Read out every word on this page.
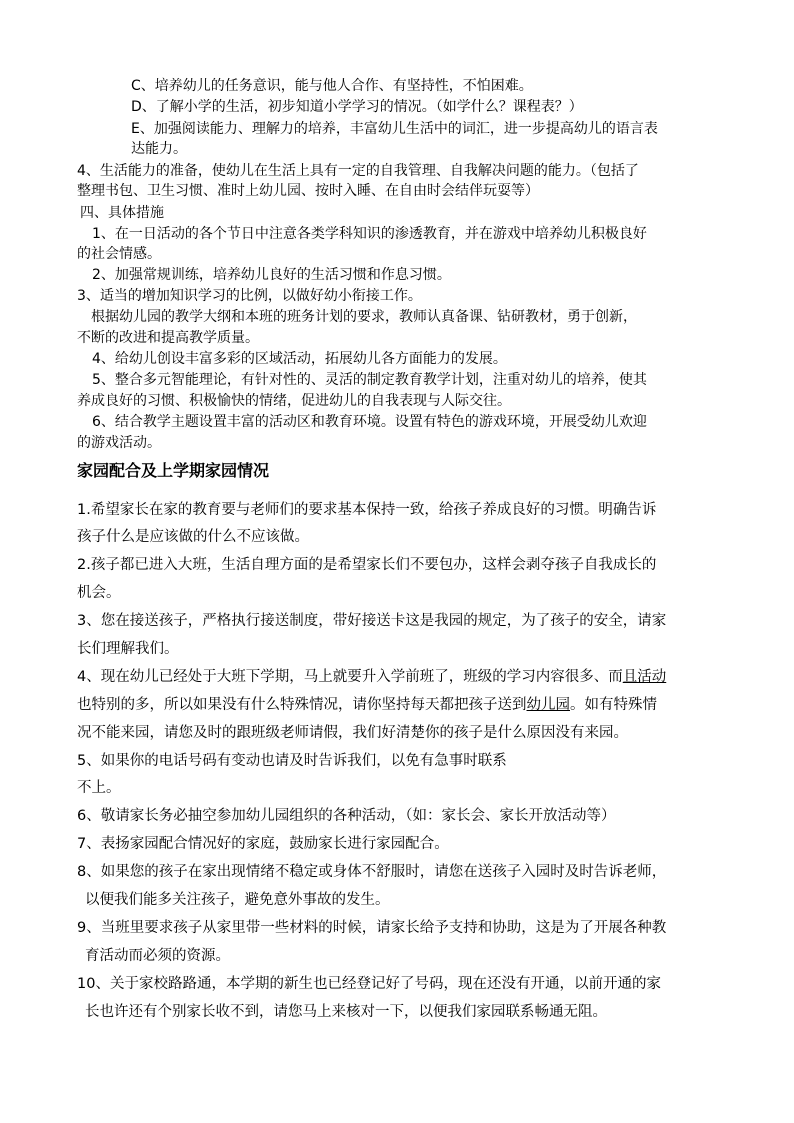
C、培养幼儿的任务意识，能与他人合作、有坚持性，不怕困难。
D、了解小学的生活，初步知道小学学习的情况。（如学什么？课程表？）
E、加强阅读能力、理解力的培养，丰富幼儿生活中的词汇，进一步提高幼儿的语言表
达能力。
4、生活能力的准备，使幼儿在生活上具有一定的自我管理、自我解决问题的能力。（包括了
整理书包、卫生习惯、准时上幼儿园、按时入睡、在自由时会结伴玩耍等）
四、具体措施
1、在一日活动的各个节日中注意各类学科知识的渗透教育，并在游戏中培养幼儿积极良好
的社会情感。
2、加强常规训练，培养幼儿良好的生活习惯和作息习惯。
3、适当的增加知识学习的比例，以做好幼小衔接工作。
根据幼儿园的教学大纲和本班的班务计划的要求，教师认真备课、钻研教材，勇于创新，
不断的改进和提高教学质量。
4、给幼儿创设丰富多彩的区域活动，拓展幼儿各方面能力的发展。
5、整合多元智能理论，有针对性的、灵活的制定教育教学计划，注重对幼儿的培养，使其
养成良好的习惯、积极愉快的情绪，促进幼儿的自我表现与人际交往。
6、结合教学主题设置丰富的活动区和教育环境。设置有特色的游戏环境，开展受幼儿欢迎
的游戏活动。
家园配合及上学期家园情况
1.希望家长在家的教育要与老师们的要求基本保持一致，给孩子养成良好的习惯。明确告诉
孩子什么是应该做的什么不应该做。
2.孩子都已进入大班，生活自理方面的是希望家长们不要包办，这样会剥夺孩子自我成长的
机会。
3、您在接送孩子，严格执行接送制度，带好接送卡这是我园的规定，为了孩子的安全，请家
长们理解我们。
4、现在幼儿已经处于大班下学期，马上就要升入学前班了，班级的学习内容很多、而且活动
也特别的多，所以如果没有什么特殊情况，请你坚持每天都把孩子送到幼儿园。如有特殊情
况不能来园，请您及时的跟班级老师请假，我们好清楚你的孩子是什么原因没有来园。
5、如果你的电话号码有变动也请及时告诉我们，以免有急事时联系
不上。
6、敬请家长务必抽空参加幼儿园组织的各种活动，（如：家长会、家长开放活动等）
7、表扬家园配合情况好的家庭，鼓励家长进行家园配合。
8、如果您的孩子在家出现情绪不稳定或身体不舒服时，请您在送孩子入园时及时告诉老师，
以便我们能多关注孩子，避免意外事故的发生。
9、当班里要求孩子从家里带一些材料的时候，请家长给予支持和协助，这是为了开展各种教
育活动而必须的资源。
10、关于家校路路通，本学期的新生也已经登记好了号码，现在还没有开通，以前开通的家
长也许还有个别家长收不到，请您马上来核对一下，以便我们家园联系畅通无阻。
